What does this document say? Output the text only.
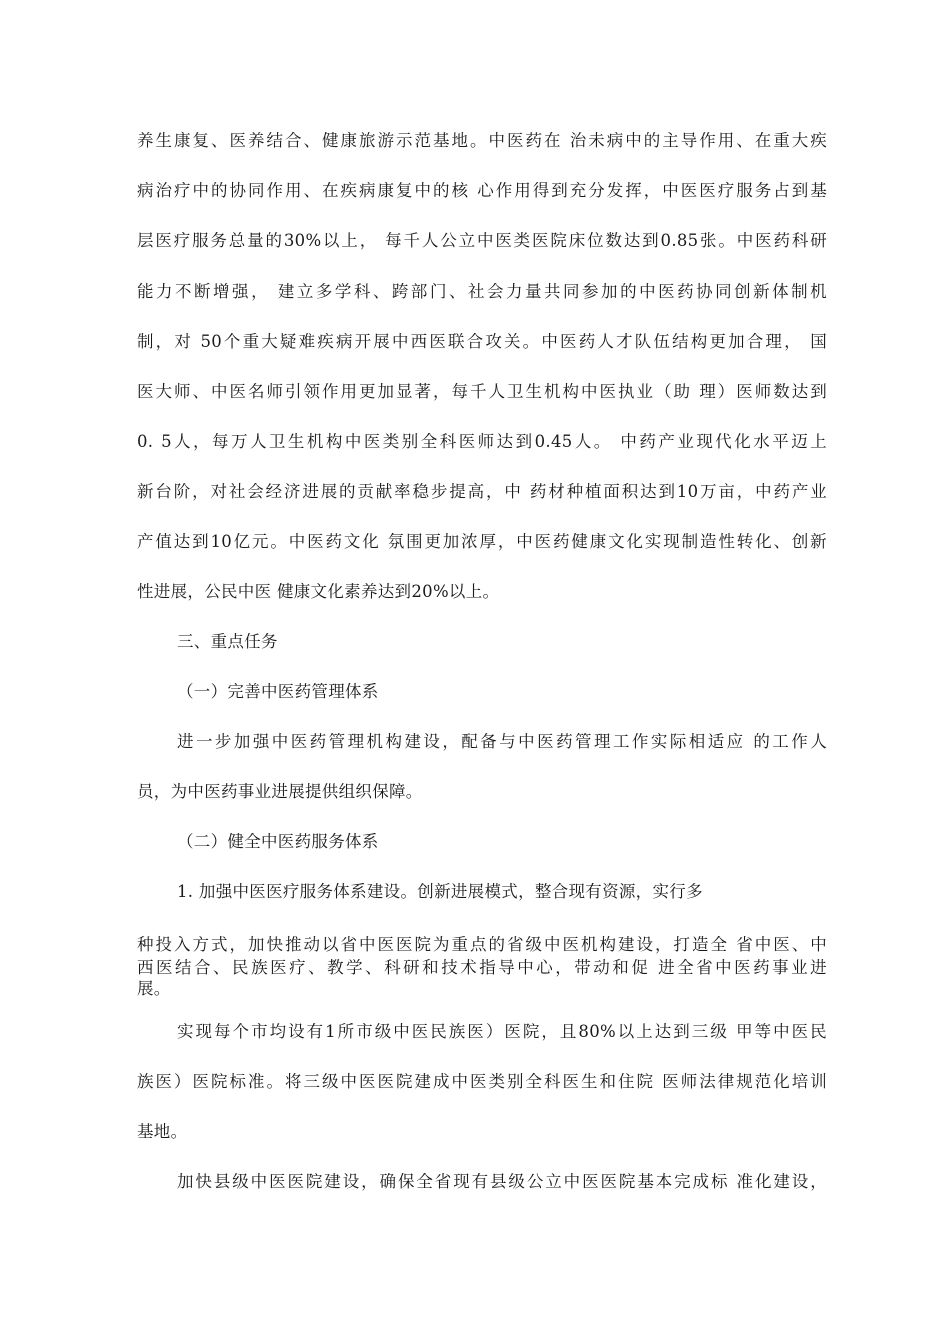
养生康复、医养结合、健康旅游示范基地。中医药在 治未病中的主导作用、在重大疾
病治疗中的协同作用、在疾病康复中的核 心作用得到充分发挥，中医医疗服务占到基
层医疗服务总量的30%以上， 每千人公立中医类医院床位数达到0.85张。中医药科研
能力不断增强， 建立多学科、跨部门、社会力量共同参加的中医药协同创新体制机
制，对 50个重大疑难疾病开展中西医联合攻关。中医药人才队伍结构更加合理， 国
医大师、中医名师引领作用更加显著，每千人卫生机构中医执业（助 理）医师数达到
0. 5人，每万人卫生机构中医类别全科医师达到0.45人。 中药产业现代化水平迈上
新台阶，对社会经济进展的贡献率稳步提高，中 药材种植面积达到10万亩，中药产业
产值达到10亿元。中医药文化 氛围更加浓厚，中医药健康文化实现制造性转化、创新
性进展，公民中医 健康文化素养达到20%以上。
三、重点任务
（一）完善中医药管理体系
进一步加强中医药管理机构建设，配备与中医药管理工作实际相适应 的工作人
员，为中医药事业进展提供组织保障。
（二）健全中医药服务体系
1. 加强中医医疗服务体系建设。创新进展模式，整合现有资源，实行多
种投入方式，加快推动以省中医医院为重点的省级中医机构建设，打造全 省中医、中
西医结合、民族医疗、教学、科研和技术指导中心，带动和促 进全省中医药事业进
展。
实现每个市均设有1所市级中医民族医）医院，且80%以上达到三级 甲等中医民
族医）医院标准。将三级中医医院建成中医类别全科医生和住院 医师法律规范化培训
基地。
加快县级中医医院建设，确保全省现有县级公立中医医院基本完成标 准化建设，
